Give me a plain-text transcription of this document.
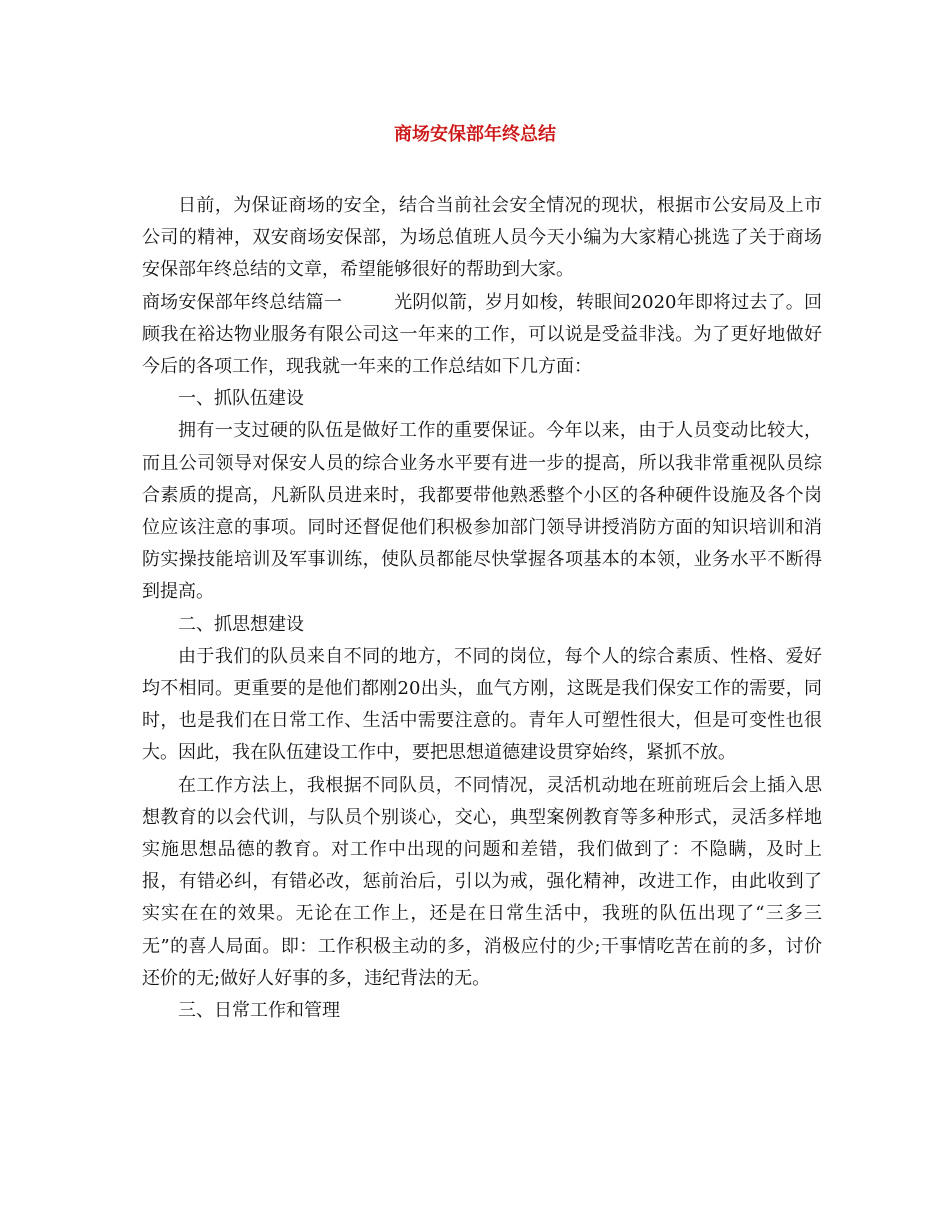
商场安保部年终总结

日前，为保证商场的安全，结合当前社会安全情况的现状，根据市公安局及上市公司的精神，双安商场安保部，为场总值班人员今天小编为大家精心挑选了关于商场安保部年终总结的文章，希望能够很好的帮助到大家。

商场安保部年终总结篇一	光阴似箭，岁月如梭，转眼间2020年即将过去了。回顾我在裕达物业服务有限公司这一年来的工作，可以说是受益非浅。为了更好地做好今后的各项工作，现我就一年来的工作总结如下几方面：

一、抓队伍建设

拥有一支过硬的队伍是做好工作的重要保证。今年以来，由于人员变动比较大，而且公司领导对保安人员的综合业务水平要有进一步的提高，所以我非常重视队员综合素质的提高，凡新队员进来时，我都要带他熟悉整个小区的各种硬件设施及各个岗位应该注意的事项。同时还督促他们积极参加部门领导讲授消防方面的知识培训和消防实操技能培训及军事训练，使队员都能尽快掌握各项基本的本领，业务水平不断得到提高。

二、抓思想建设

由于我们的队员来自不同的地方，不同的岗位，每个人的综合素质、性格、爱好均不相同。更重要的是他们都刚20出头，血气方刚，这既是我们保安工作的需要，同时，也是我们在日常工作、生活中需要注意的。青年人可塑性很大，但是可变性也很大。因此，我在队伍建设工作中，要把思想道德建设贯穿始终，紧抓不放。

在工作方法上，我根据不同队员，不同情况，灵活机动地在班前班后会上插入思想教育的以会代训，与队员个别谈心，交心，典型案例教育等多种形式，灵活多样地实施思想品德的教育。对工作中出现的问题和差错，我们做到了：不隐瞒，及时上报，有错必纠，有错必改，惩前治后，引以为戒，强化精神，改进工作，由此收到了实实在在的效果。无论在工作上，还是在日常生活中，我班的队伍出现了“三多三无”的喜人局面。即：工作积极主动的多，消极应付的少;干事情吃苦在前的多，讨价还价的无;做好人好事的多，违纪背法的无。

三、日常工作和管理
